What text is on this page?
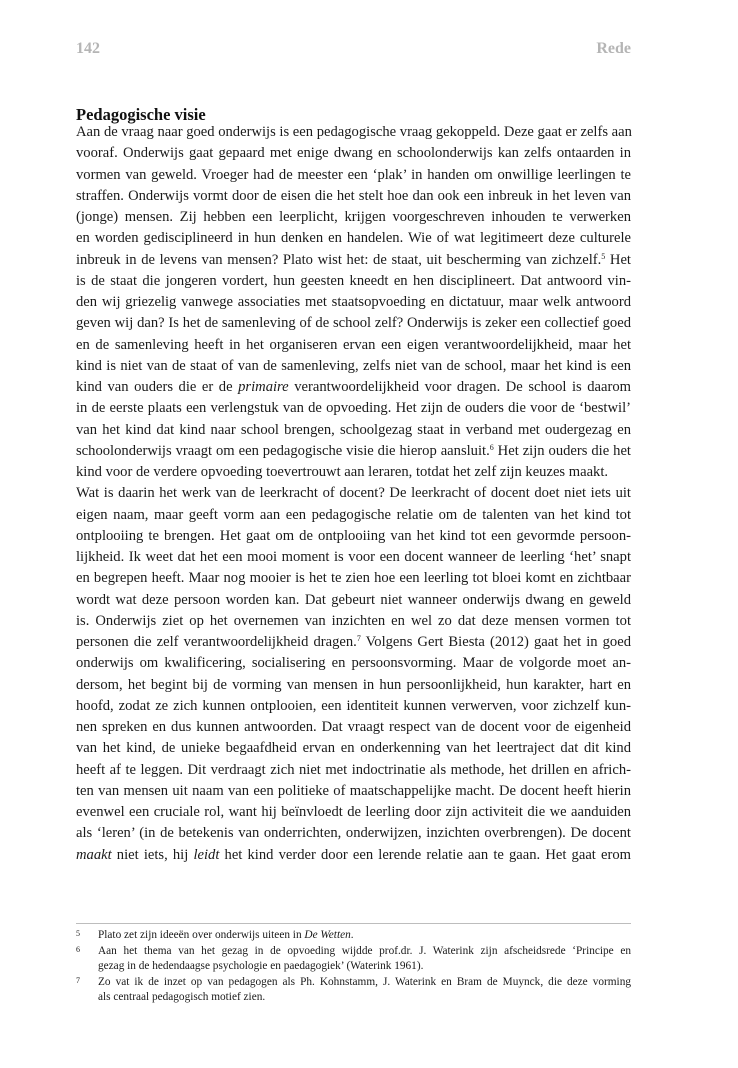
142	Rede
Pedagogische visie
Aan de vraag naar goed onderwijs is een pedagogische vraag gekoppeld. Deze gaat er zelfs aan
vooraf. Onderwijs gaat gepaard met enige dwang en schoolonderwijs kan zelfs ontaarden in
vormen van geweld. Vroeger had de meester een ‘plak’ in handen om onwillige leerlingen te
straffen. Onderwijs vormt door de eisen die het stelt hoe dan ook een inbreuk in het leven van
(jonge) mensen. Zij hebben een leerplicht, krijgen voorgeschreven inhouden te verwerken
en worden gedisciplineerd in hun denken en handelen. Wie of wat legitimeert deze culturele
inbreuk in de levens van mensen? Plato wist het: de staat, uit bescherming van zichzelf.$^5$ Het
is de staat die jongeren vordert, hun geesten kneedt en hen disciplineert. Dat antwoord vin-
den wij griezelig vanwege associaties met staatsopvoeding en dictatuur, maar welk antwoord
geven wij dan? Is het de samenleving of de school zelf? Onderwijs is zeker een collectief goed
en de samenleving heeft in het organiseren ervan een eigen verantwoordelijkheid, maar het
kind is niet van de staat of van de samenleving, zelfs niet van de school, maar het kind is een
kind van ouders die er de primaire verantwoordelijkheid voor dragen. De school is daarom
in de eerste plaats een verlengstuk van de opvoeding. Het zijn de ouders die voor de ‘bestwil’
van het kind dat kind naar school brengen, schoolgezag staat in verband met oudergezag en
schoolonderwijs vraagt om een pedagogische visie die hierop aansluit.$^6$ Het zijn ouders die het
kind voor de verdere opvoeding toevertrouwt aan leraren, totdat het zelf zijn keuzes maakt.
Wat is daarin het werk van de leerkracht of docent? De leerkracht of docent doet niet iets uit
eigen naam, maar geeft vorm aan een pedagogische relatie om de talenten van het kind tot
ontplooiing te brengen. Het gaat om de ontplooiing van het kind tot een gevormde persoon-
lijkheid. Ik weet dat het een mooi moment is voor een docent wanneer de leerling ‘het’ snapt
en begrepen heeft. Maar nog mooier is het te zien hoe een leerling tot bloei komt en zichtbaar
wordt wat deze persoon worden kan. Dat gebeurt niet wanneer onderwijs dwang en geweld
is. Onderwijs ziet op het overnemen van inzichten en wel zo dat deze mensen vormen tot
personen die zelf verantwoordelijkheid dragen.$^7$ Volgens Gert Biesta (2012) gaat het in goed
onderwijs om kwalificering, socialisering en persoonsvorming. Maar de volgorde moet an-
dersom, het begint bij de vorming van mensen in hun persoonlijkheid, hun karakter, hart en
hoofd, zodat ze zich kunnen ontplooien, een identiteit kunnen verwerven, voor zichzelf kun-
nen spreken en dus kunnen antwoorden. Dat vraagt respect van de docent voor de eigenheid
van het kind, de unieke begaafdheid ervan en onderkenning van het leertraject dat dit kind
heeft af te leggen. Dit verdraagt zich niet met indoctrinatie als methode, het drillen en africh-
ten van mensen uit naam van een politieke of maatschappelijke macht. De docent heeft hierin
evenwel een cruciale rol, want hij beïnvloedt de leerling door zijn activiteit die we aanduiden
als ‘leren’ (in de betekenis van onderrichten, onderwijzen, inzichten overbrengen). De docent
maakt niet iets, hij leidt het kind verder door een lerende relatie aan te gaan. Het gaat erom
5 Plato zet zijn ideeën over onderwijs uiteen in De Wetten.
6 Aan het thema van het gezag in de opvoeding wijdde prof.dr. J. Waterink zijn afscheidsrede ‘Principe en
gezag in de hedendaagse psychologie en paedagogiek’ (Waterink 1961).
7 Zo vat ik de inzet op van pedagogen als Ph. Kohnstamm, J. Waterink en Bram de Muynck, die deze vorming
als centraal pedagogisch motief zien.
